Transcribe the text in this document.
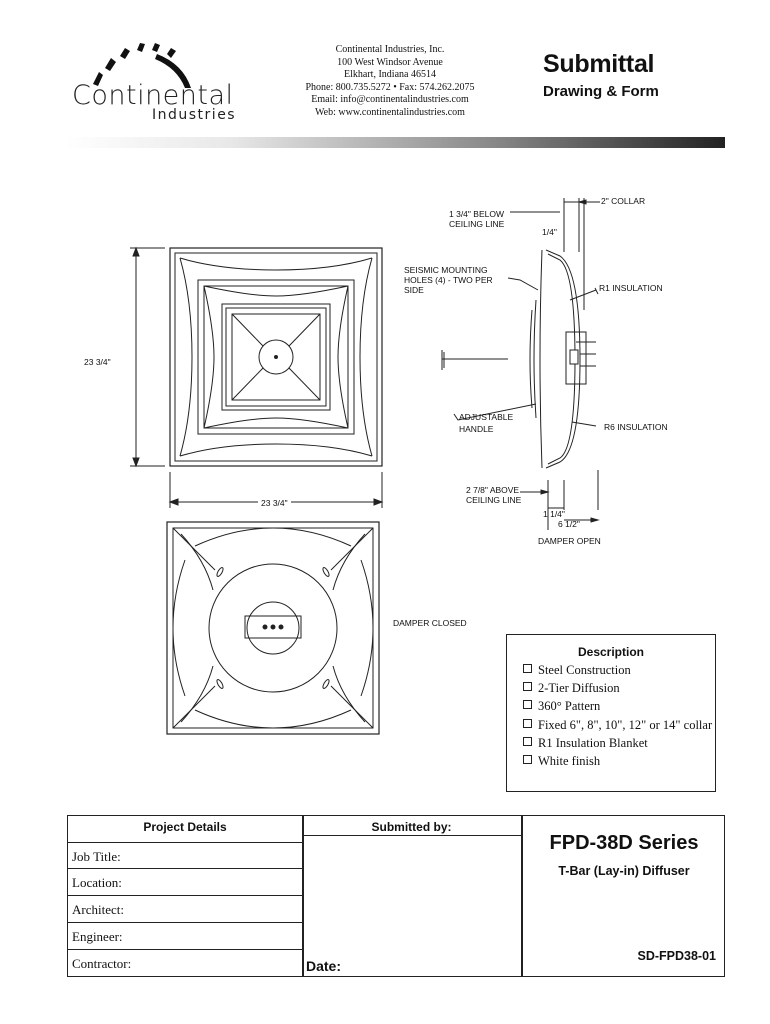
Continental
Industries
Continental Industries, Inc.
100 West Windsor Avenue
Elkhart, Indiana 46514
Phone: 800.735.5272 • Fax: 574.262.2075
Email: info@continentalindustries.com
Web: www.continentalindustries.com
Submittal
Drawing & Form
23 3/4"
23 3/4"
2" COLLAR
1 3/4" BELOW
CEILING LINE
1/4"
SEISMIC MOUNTING
HOLES (4) - TWO PER
SIDE	R1 INSULATION
ADJUSTABLE
HANDLE	R6 INSULATION
2 7/8" ABOVE
CEILING LINE
1 1/4"
6 1/2"
DAMPER OPEN
DAMPER CLOSED
Description
Steel Construction
2-Tier Diffusion
360° Pattern
Fixed 6", 8", 10", 12" or 14" collar
R1 Insulation Blanket
White finish
Project Details	Submitted by:
Job Title:
Location:
Architect:
Engineer:
Contractor:	Date:
FPD-38D Series
T-Bar (Lay-in) Diffuser
SD-FPD38-01
